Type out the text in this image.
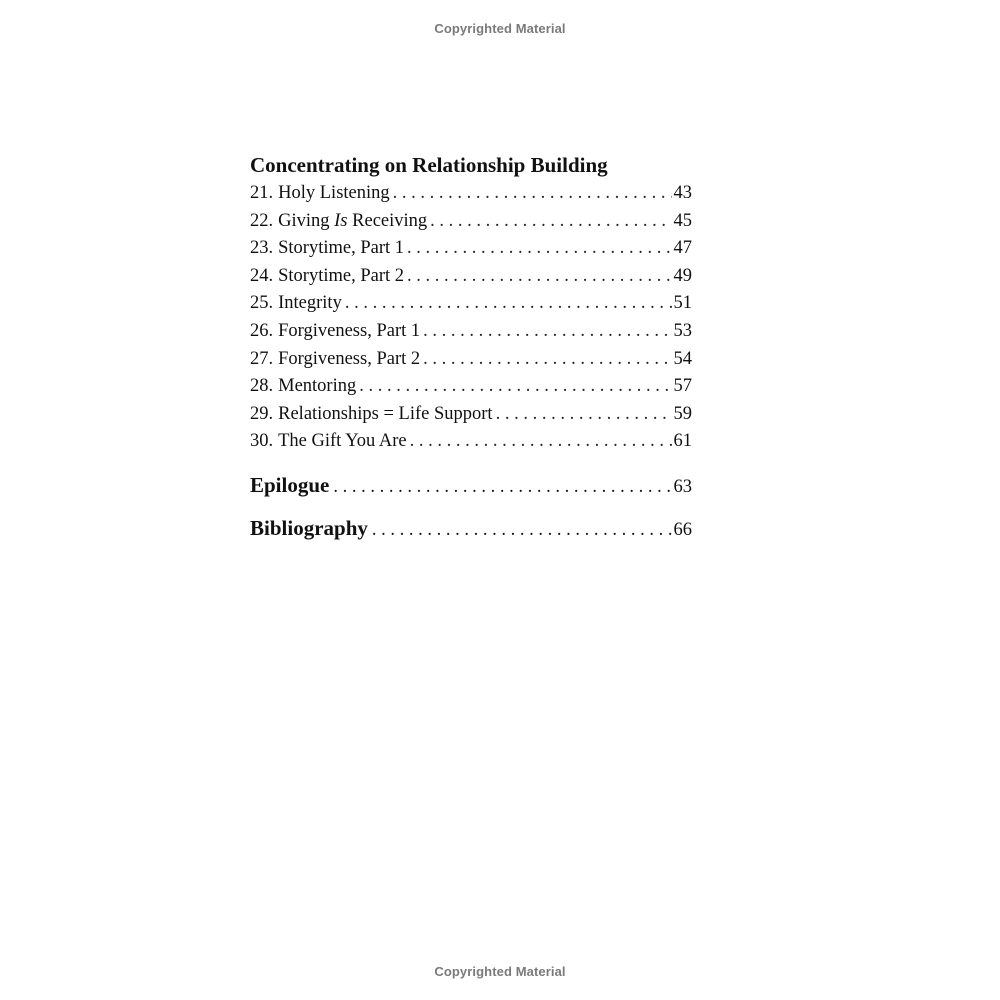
Copyrighted Material
Concentrating on Relationship Building
21. Holy Listening . . .	43
22. Giving Is Receiving . . .	45
23. Storytime, Part 1 . . .	47
24. Storytime, Part 2 . . .	49
25. Integrity . . .	51
26. Forgiveness, Part 1 . . .	53
27. Forgiveness, Part 2 . . .	54
28. Mentoring . . .	57
29. Relationships = Life Support . . .	59
30. The Gift You Are . . .	61
Epilogue . . .	63
Bibliography . . .	66
Copyrighted Material
